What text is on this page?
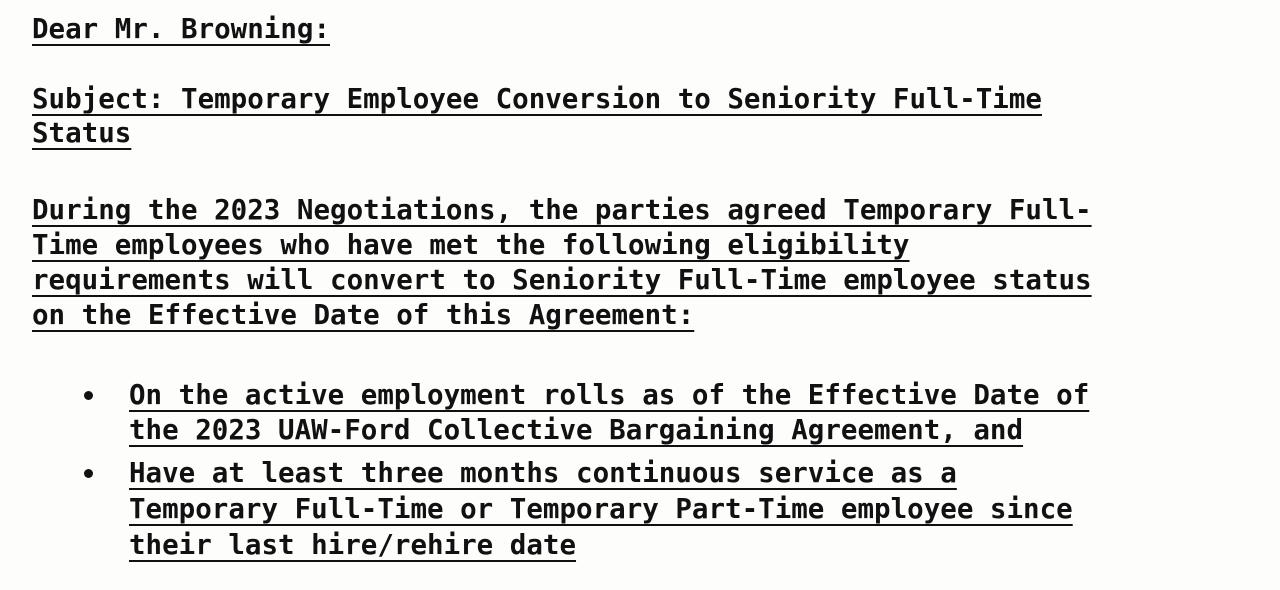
Dear Mr. Browning:

Subject: Temporary Employee Conversion to Seniority Full-Time

Status

During the 2023 Negotiations, the parties agreed Temporary Full-

Time employees who have met the following eligibility

requirements will convert to Seniority Full-Time employee status

on the Effective Date of this Agreement:

On the active employment rolls as of the Effective Date of

the 2023 UAW-Ford Collective Bargaining Agreement, and

Have at least three months continuous service as a

Temporary Full-Time or Temporary Part-Time employee since

their last hire/rehire date
